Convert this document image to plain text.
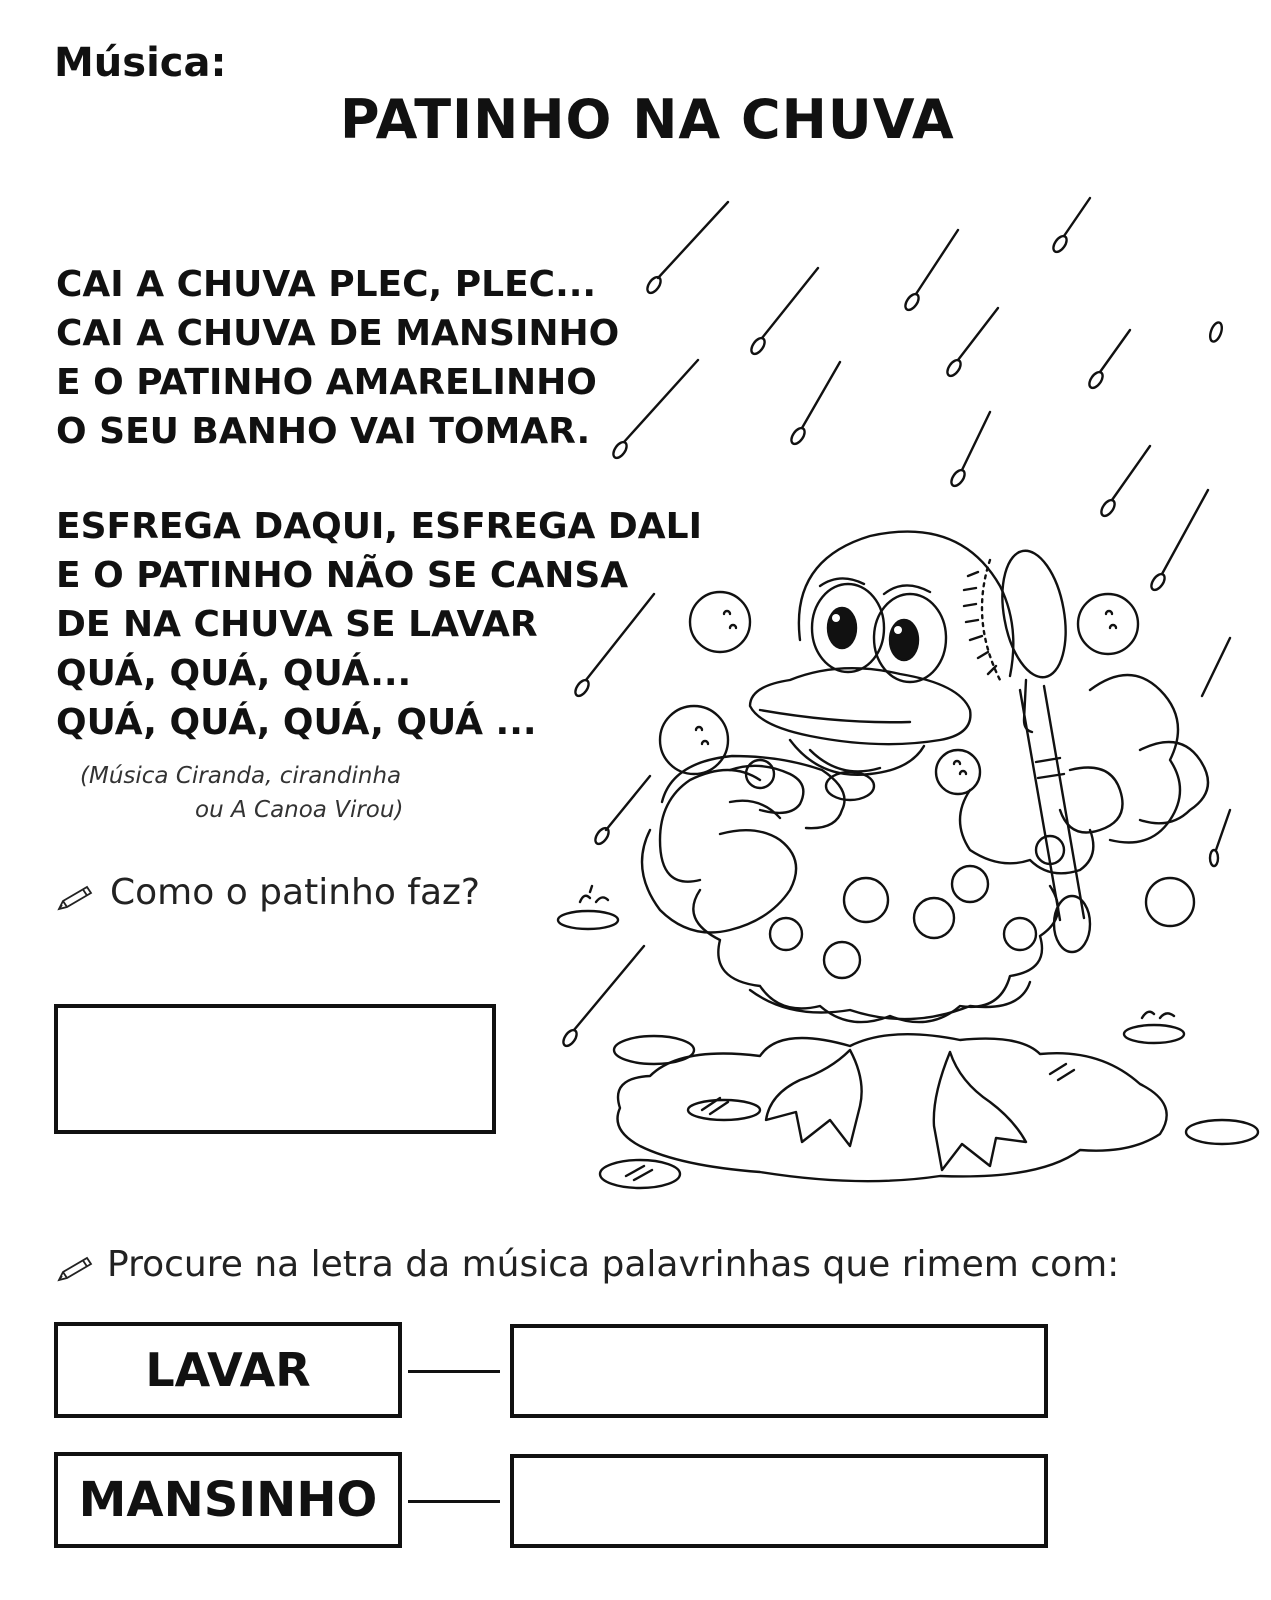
Música:
PATINHO NA CHUVA
CAI A CHUVA PLEC, PLEC...
CAI A CHUVA DE MANSINHO
E O PATINHO AMARELINHO
O SEU BANHO VAI TOMAR.
ESFREGA DAQUI, ESFREGA DALI
E O PATINHO NÃO SE CANSA
DE NA CHUVA SE LAVAR
QUÁ, QUÁ, QUÁ...
QUÁ, QUÁ, QUÁ, QUÁ ...
(Música Ciranda, cirandinha
ou A Canoa Virou)
Como o patinho faz?
Procure na letra da música palavrinhas que rimem com:
LAVAR
MANSINHO
